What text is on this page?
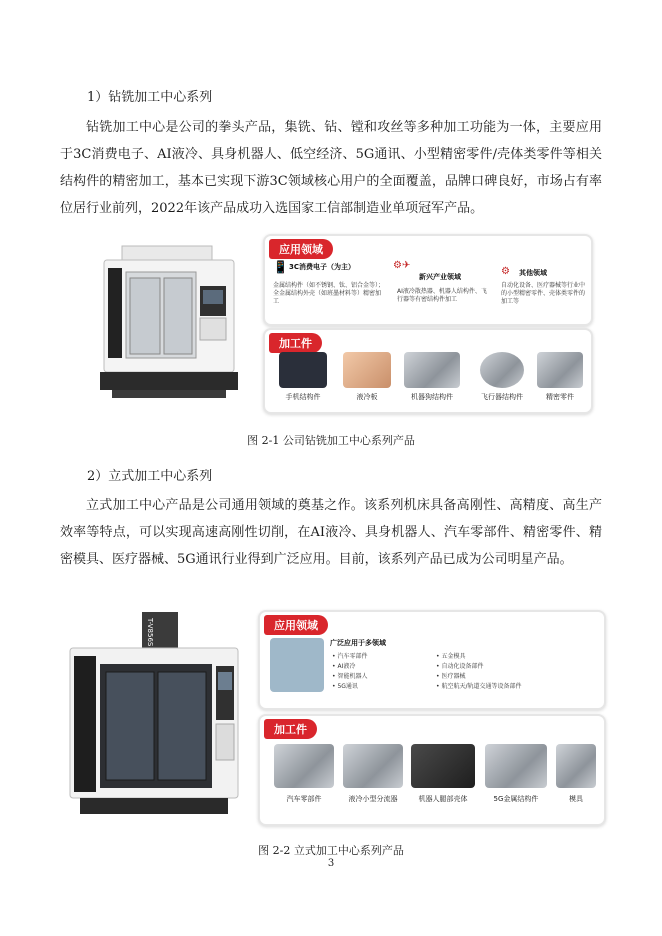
1）钻铣加工中心系列
钻铣加工中心是公司的拳头产品，集铣、钻、镗和攻丝等多种加工功能为一体，主要应用于3C消费电子、AI液冷、具身机器人、低空经济、5G通讯、小型精密零件/壳体类零件等相关结构件的精密加工，基本已实现下游3C领域核心用户的全面覆盖，品牌口碑良好，市场占有率位居行业前列，2022年该产品成功入选国家工信部制造业单项冠军产品。
应用领域
📱 3C消费电子（为主）
金属结构件（如不锈钢、钛、铝合金等）；全金属结构外壳（如班墨材料等）精密加工
⚙✈
新兴产业领域
AI液冷散热器、机器人结构件、飞行器等有密结构件加工
⚙ 其他领域
自动化设备、医疗器械等行业中的小型精密零件、壳体类零件的加工等
加工件
手机结构件	液冷板	机器狗结构件	飞行器结构件	精密零件
图 2-1 公司钻铣加工中心系列产品
2）立式加工中心系列
立式加工中心产品是公司通用领域的奠基之作。该系列机床具备高刚性、高精度、高生产效率等特点，可以实现高速高刚性切削，在AI液冷、具身机器人、汽车零部件、精密零件、精密模具、医疗器械、5G通讯行业得到广泛应用。目前，该系列产品已成为公司明星产品。
T-V856S	应用领域
广泛应用于多领域
• 汽车零部件
• AI液冷
• 智能机器人
• 5G通讯
• 五金模具
• 自动化设备部件
• 医疗器械
• 航空航天/轨道交通等设备部件
加工件
汽车零部件	液冷小型分流器	机器人腿部壳体	5G金属结构件	模具
图 2-2 立式加工中心系列产品
3
